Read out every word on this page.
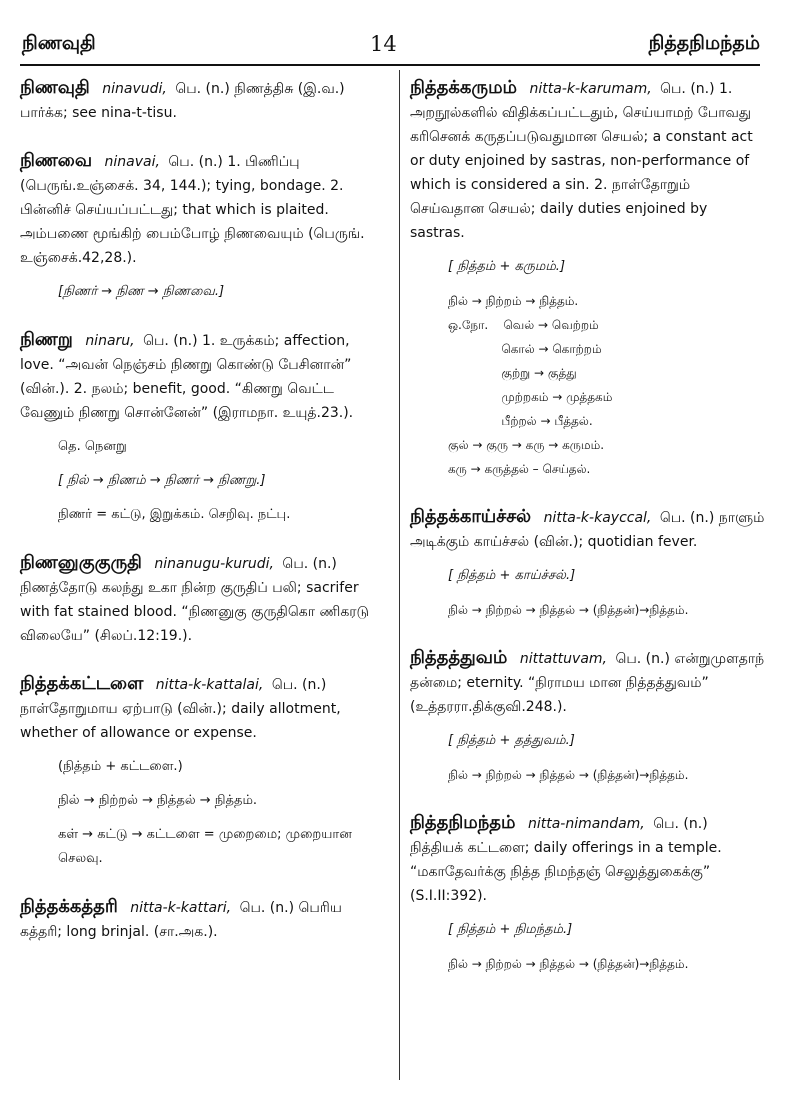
நிணவுதி	14	நித்தநிமந்தம்
நிணவுதி ninavudi, பெ. (n.) நிணத்திசு (இ.வ.) பார்க்க; see nina-t-tisu.
நிணவை ninavai, பெ. (n.) 1. பிணிப்பு (பெருங்.உஞ்சைக். 34, 144.); tying, bondage. 2. பின்னிச் செய்யப்பட்டது; that which is plaited. அம்பணை மூங்கிற் பைம்போழ் நிணவையும் (பெருங். உஞ்சைக்.42,28.).
[நிணர் → நிண → நிணவை.]
நிணறு ninaru, பெ. (n.) 1. உருக்கம்; affection, love. “அவன் நெஞ்சம் நிணறு கொண்டு பேசினான்” (வின்.). 2. நலம்; benefit, good. “கிணறு வெட்ட வேணும் நிணறு சொன்னேன்” (இராமநா. உயுத்.23.).
தெ. நெனறு
[ நில் → நிணம் → நிணர் → நிணறு.]
நிணர் = கட்டு, இறுக்கம். செறிவு. நட்பு.
நிணனுகுகுருதி ninanugu-kurudi, பெ. (n.) நிணத்தோடு கலந்து உகா நின்ற குருதிப் பலி; sacrifer with fat stained blood. “நிணனுகு குருதிகொ ணிகரடு விலையே” (சிலப்.12:19.).
நித்தக்கட்டளை nitta-k-kattalai, பெ. (n.) நாள்தோறுமாய ஏற்பாடு (வின்.); daily allotment, whether of allowance or expense.
(நித்தம் + கட்டளை.)
நில் → நிற்றல் → நித்தல் → நித்தம்.
கள் → கட்டு → கட்டளை = முறைமை; முறையான செலவு.
நித்தக்கத்தரி nitta-k-kattari, பெ. (n.) பெரிய கத்தரி; long brinjal. (சா.அக.).
நித்தக்கருமம் nitta-k-karumam, பெ. (n.) 1. அறநூல்களில் விதிக்கப்பட்டதும், செய்யாமற் போவது கரிசெனக் கருதப்படுவதுமான செயல்; a constant act or duty enjoined by sastras, non-performance of which is considered a sin. 2. நாள்தோறும் செய்வதான செயல்; daily duties enjoined by sastras.
[ நித்தம் + கருமம்.]
நில் → நிற்றம் → நித்தம்.
ஒ.நோ.    வெல் → வெற்றம்
கொல் → கொற்றம்
குற்று → குத்து
முற்றகம் → முத்தகம்
பீற்றல் → பீத்தல்.
குல் → குரு → கரு → கருமம்.
கரு → கருத்தல் – செய்தல்.
நித்தக்காய்ச்சல் nitta-k-kayccal, பெ. (n.) நாளும் அடிக்கும் காய்ச்சல் (வின்.); quotidian fever.
[ நித்தம் + காய்ச்சல்.]
நில் → நிற்றல் → நித்தல் → (நித்தன்)→நித்தம்.
நித்தத்துவம் nittattuvam, பெ. (n.) என்றுமுளதாந் தன்மை; eternity. “நிராமய மான நித்தத்துவம்” (உத்தரரா.திக்குவி.248.).
[ நித்தம் + தத்துவம்.]
நில் → நிற்றல் → நித்தல் → (நித்தன்)→நித்தம்.
நித்தநிமந்தம் nitta-nimandam, பெ. (n.) நித்தியக் கட்டளை; daily offerings in a temple. “மகாதேவர்க்கு நித்த நிமந்தஞ் செலுத்துகைக்கு” (S.I.II:392).
[ நித்தம் + நிமந்தம்.]
நில் → நிற்றல் → நித்தல் → (நித்தன்)→நித்தம்.
